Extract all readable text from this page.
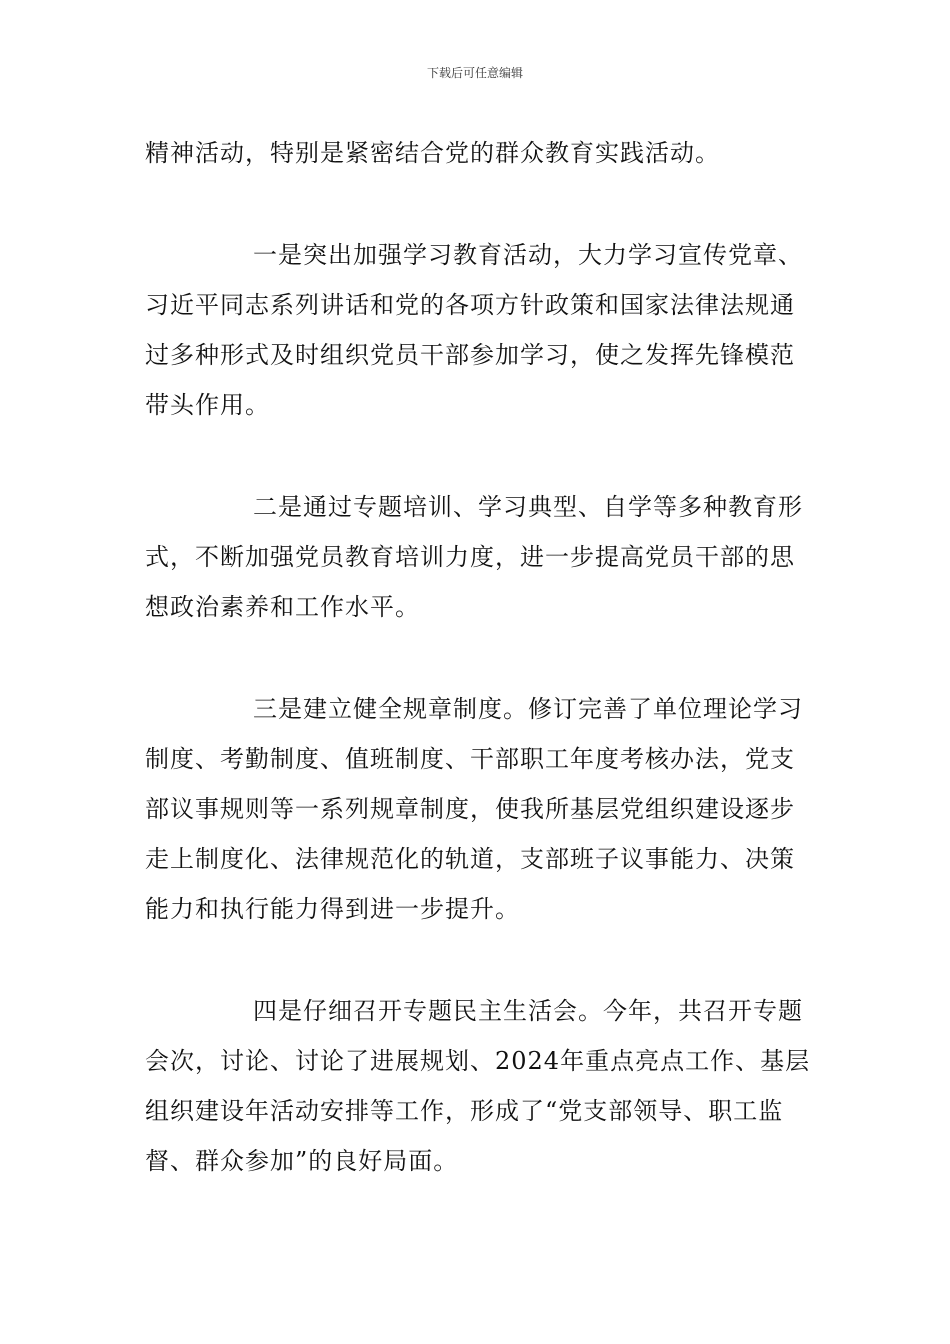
下载后可任意编辑

精神活动，特别是紧密结合党的群众教育实践活动。

一是突出加强学习教育活动，大力学习宣传党章、习近平同志系列讲话和党的各项方针政策和国家法律法规通过多种形式及时组织党员干部参加学习，使之发挥先锋模范带头作用。

二是通过专题培训、学习典型、自学等多种教育形式，不断加强党员教育培训力度，进一步提高党员干部的思想政治素养和工作水平。

三是建立健全规章制度。修订完善了单位理论学习制度、考勤制度、值班制度、干部职工年度考核办法，党支部议事规则等一系列规章制度，使我所基层党组织建设逐步走上制度化、法律规范化的轨道，支部班子议事能力、决策能力和执行能力得到进一步提升。

四是仔细召开专题民主生活会。今年，共召开专题会次，讨论、讨论了进展规划、2024年重点亮点工作、基层组织建设年活动安排等工作，形成了“党支部领导、职工监督、群众参加”的良好局面。
